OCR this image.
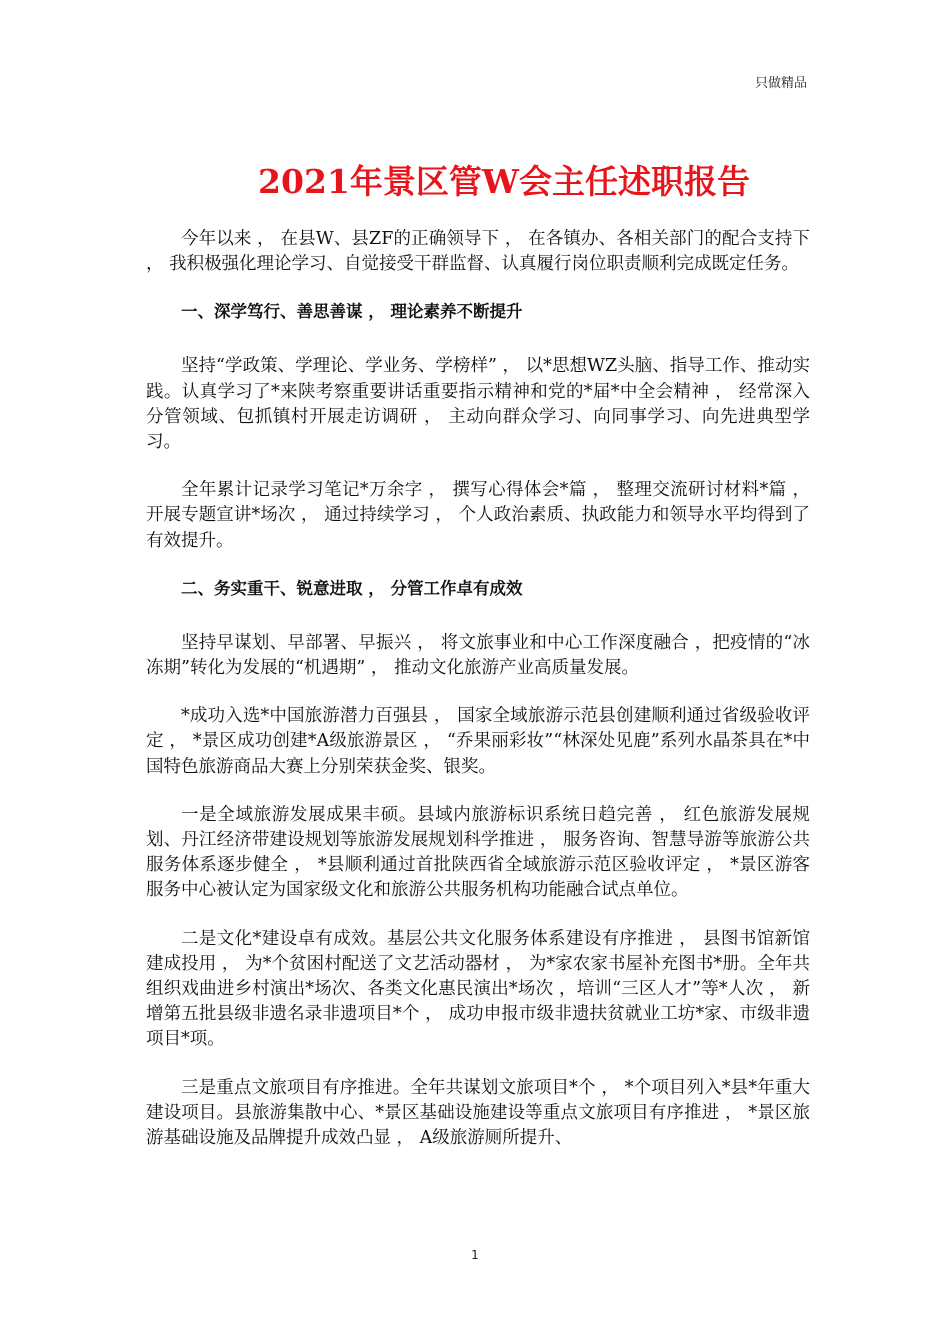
只做精品
2021年景区管W会主任述职报告

今年以来 ， 在县W、县ZF的正确领导下 ， 在各镇办、各相关部门的配合支持下 ， 我积极强化理论学习、自觉接受干群监督、认真履行岗位职责顺利完成既定任务。

一、深学笃行、善思善谋 ， 理论素养不断提升

坚持“学政策、学理论、学业务、学榜样” ， 以*思想WZ头脑、指导工作、推动实践。认真学习了*来陕考察重要讲话重要指示精神和党的*届*中全会精神 ， 经常深入分管领域、包抓镇村开展走访调研 ， 主动向群众学习、向同事学习、向先进典型学习。

全年累计记录学习笔记*万余字 ， 撰写心得体会*篇 ， 整理交流研讨材料*篇 ， 开展专题宣讲*场次 ， 通过持续学习 ， 个人政治素质、执政能力和领导水平均得到了有效提升。

二、务实重干、锐意进取 ， 分管工作卓有成效

坚持早谋划、早部署、早振兴 ， 将文旅事业和中心工作深度融合 ，把疫情的“冰冻期”转化为发展的“机遇期” ， 推动文化旅游产业高质量发展。

*成功入选*中国旅游潜力百强县 ， 国家全域旅游示范县创建顺利通过省级验收评定 ， *景区成功创建*A级旅游景区 ， “乔果丽彩妆”“林深处见鹿”系列水晶茶具在*中国特色旅游商品大赛上分别荣获金奖、银奖。

一是全域旅游发展成果丰硕。县域内旅游标识系统日趋完善 ， 红色旅游发展规划、丹江经济带建设规划等旅游发展规划科学推进 ， 服务咨询、智慧导游等旅游公共服务体系逐步健全 ， *县顺利通过首批陕西省全域旅游示范区验收评定 ， *景区游客服务中心被认定为国家级文化和旅游公共服务机构功能融合试点单位。

二是文化*建设卓有成效。基层公共文化服务体系建设有序推进 ， 县图书馆新馆建成投用 ， 为*个贫困村配送了文艺活动器材 ， 为*家农家书屋补充图书*册。全年共组织戏曲进乡村演出*场次、各类文化惠民演出*场次 ，培训“三区人才”等*人次 ， 新增第五批县级非遗名录非遗项目*个 ， 成功申报市级非遗扶贫就业工坊*家、市级非遗项目*项。

三是重点文旅项目有序推进。全年共谋划文旅项目*个 ， *个项目列入*县*年重大建设项目。县旅游集散中心、*景区基础设施建设等重点文旅项目有序推进 ， *景区旅游基础设施及品牌提升成效凸显 ， A级旅游厕所提升、

1
